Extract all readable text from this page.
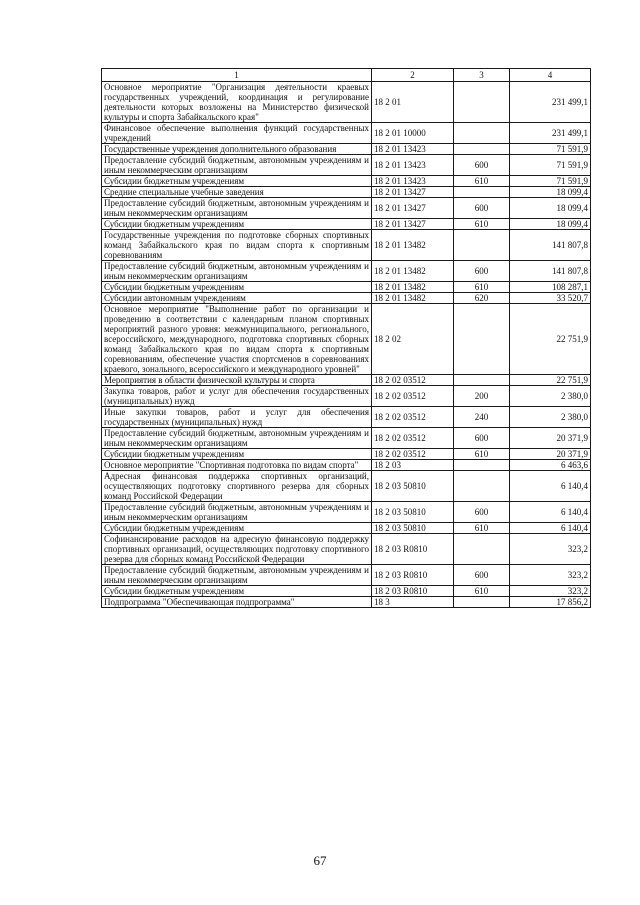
1	2	3	4
Основное мероприятие "Организация деятельности краевых государственных учреждений, координация и регулирование деятельности которых возложены на Министерство физической культуры и спорта Забайкальского края"	18 2 01		231 499,1
Финансовое обеспечение выполнения функций государственных учреждений	18 2 01 10000		231 499,1
Государственные учреждения дополнительного образования	18 2 01 13423		71 591,9
Предоставление субсидий бюджетным, автономным учреждениям и иным некоммерческим организациям	18 2 01 13423	600	71 591,9
Субсидии бюджетным учреждениям	18 2 01 13423	610	71 591,9
Средние специальные учебные заведения	18 2 01 13427		18 099,4
Предоставление субсидий бюджетным, автономным учреждениям и иным некоммерческим организациям	18 2 01 13427	600	18 099,4
Субсидии бюджетным учреждениям	18 2 01 13427	610	18 099,4
Государственные учреждения по подготовке сборных спортивных команд Забайкальского края по видам спорта к спортивным соревнованиям	18 2 01 13482		141 807,8
Предоставление субсидий бюджетным, автономным учреждениям и иным некоммерческим организациям	18 2 01 13482	600	141 807,8
Субсидии бюджетным учреждениям	18 2 01 13482	610	108 287,1
Субсидии автономным учреждениям	18 2 01 13482	620	33 520,7
Основное мероприятие "Выполнение работ по организации и проведению в соответствии с календарным планом спортивных мероприятий разного уровня: межмуниципального, регионального, всероссийского, международного, подготовка спортивных сборных команд Забайкальского края по видам спорта к спортивным соревнованиям, обеспечение участия спортсменов в соревнованиях краевого, зонального, всероссийского и международного уровней"	18 2 02		22 751,9
Мероприятия в области физической культуры и спорта	18 2 02 03512		22 751,9
Закупка товаров, работ и услуг для обеспечения государственных (муниципальных) нужд	18 2 02 03512	200	2 380,0
Иные закупки товаров, работ и услуг для обеспечения государственных (муниципальных) нужд	18 2 02 03512	240	2 380,0
Предоставление субсидий бюджетным, автономным учреждениям и иным некоммерческим организациям	18 2 02 03512	600	20 371,9
Субсидии бюджетным учреждениям	18 2 02 03512	610	20 371,9
Основное мероприятие "Спортивная подготовка по видам спорта"	18 2 03		6 463,6
Адресная финансовая поддержка спортивных организаций, осуществляющих подготовку спортивного резерва для сборных команд Российской Федерации	18 2 03 50810		6 140,4
Предоставление субсидий бюджетным, автономным учреждениям и иным некоммерческим организациям	18 2 03 50810	600	6 140,4
Субсидии бюджетным учреждениям	18 2 03 50810	610	6 140,4
Софинансирование расходов на адресную финансовую поддержку спортивных организаций, осуществляющих подготовку спортивного резерва для сборных команд Российской Федерации	18 2 03 R0810		323,2
Предоставление субсидий бюджетным, автономным учреждениям и иным некоммерческим организациям	18 2 03 R0810	600	323,2
Субсидии бюджетным учреждениям	18 2 03 R0810	610	323,2
Подпрограмма "Обеспечивающая подпрограмма"	18 3		17 856,2
67
